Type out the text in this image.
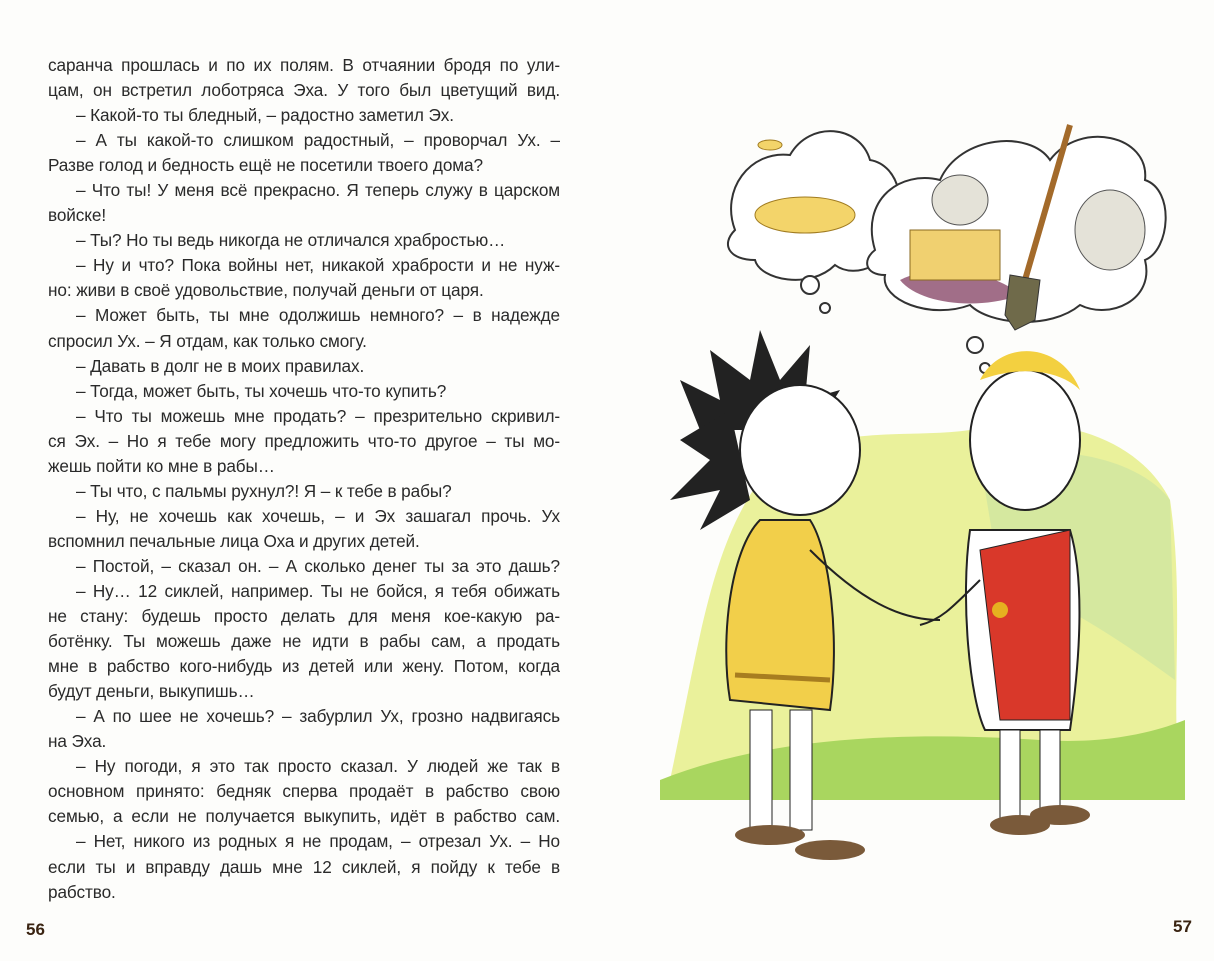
саранча прошлась и по их полям. В отчаянии бродя по ули-
цам, он встретил лоботряса Эха. У того был цветущий вид.
– Какой-то ты бледный, – радостно заметил Эх.
– А ты какой-то слишком радостный, – проворчал Ух. –
Разве голод и бедность ещё не посетили твоего дома?
– Что ты! У меня всё прекрасно. Я теперь служу в царском
войске!
– Ты? Но ты ведь никогда не отличался храбростью…
– Ну и что? Пока войны нет, никакой храбрости и не нуж-
но: живи в своё удовольствие, получай деньги от царя.
– Может быть, ты мне одолжишь немного? – в надежде
спросил Ух. – Я отдам, как только смогу.
– Давать в долг не в моих правилах.
– Тогда, может быть, ты хочешь что-то купить?
– Что ты можешь мне продать? – презрительно скривил-
ся Эх. – Но я тебе могу предложить что-то другое – ты мо-
жешь пойти ко мне в рабы…
– Ты что, с пальмы рухнул?! Я – к тебе в рабы?
– Ну, не хочешь как хочешь, – и Эх зашагал прочь. Ух
вспомнил печальные лица Оха и других детей.
– Постой, – сказал он. – А сколько денег ты за это дашь?
– Ну… 12 сиклей, например. Ты не бойся, я тебя обижать
не стану: будешь просто делать для меня кое-какую ра-
ботёнку. Ты можешь даже не идти в рабы сам, а продать
мне в рабство кого-нибудь из детей или жену. Потом, когда
будут деньги, выкупишь…
– А по шее не хочешь? – забурлил Ух, грозно надвигаясь
на Эха.
– Ну погоди, я это так просто сказал. У людей же так в
основном принято: бедняк сперва продаёт в рабство свою
семью, а если не получается выкупить, идёт в рабство сам.
– Нет, никого из родных я не продам, – отрезал Ух. – Но
если ты и вправду дашь мне 12 сиклей, я пойду к тебе в
рабство.
56	57
